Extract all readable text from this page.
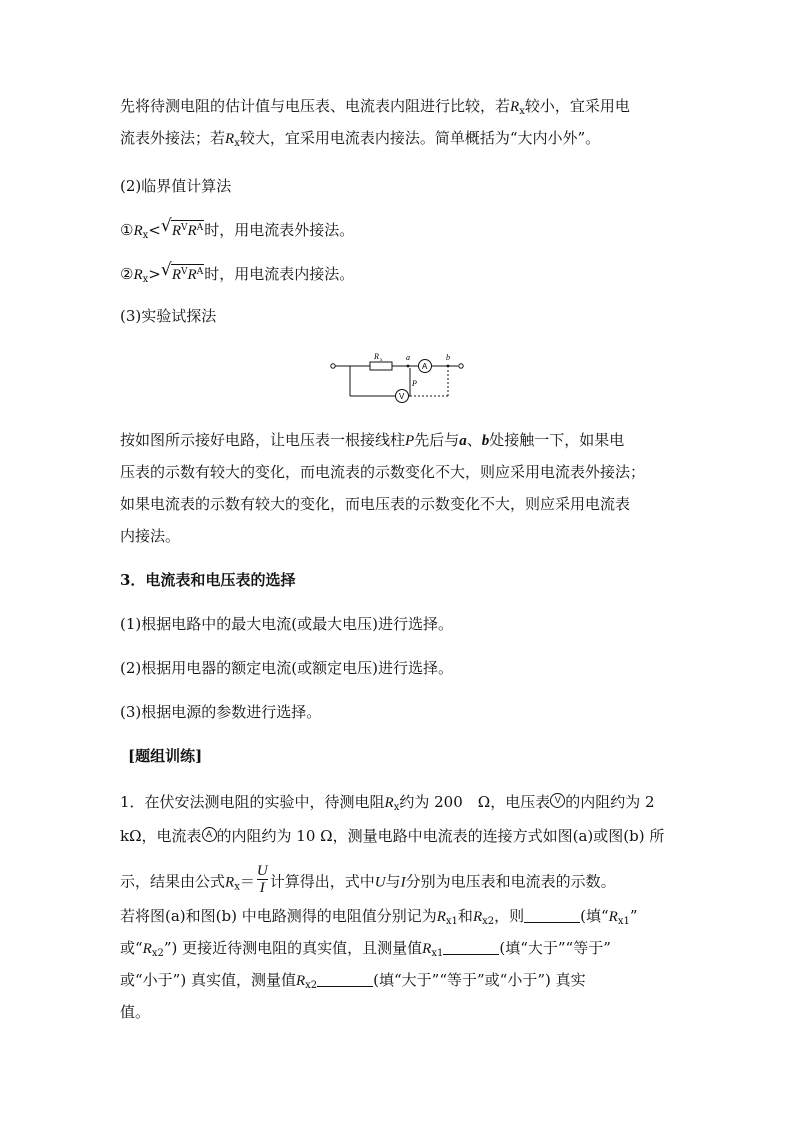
先将待测电阻的估计值与电压表、电流表内阻进行比较，若$R_x$较小，宜采用电
流表外接法；若$R_x$较大，宜采用电流表内接法。简单概括为“大内小外”。
(2)临界值计算法
$①R_x<$ √ $R^VR^A$时，用电流表外接法。
$②R_x>$ √ $R^VR^A$时，用电流表内接法。
(3)实验试探法
R x	a
A
b
V
P
按如图所示接好电路，让电压表一根接线柱P先后与a、b处接触一下，如果电
压表的示数有较大的变化，而电流表的示数变化不大，则应采用电流表外接法；
如果电流表的示数有较大的变化，而电压表的示数变化不大，则应采用电流表
内接法。
3．电流表和电压表的选择
(1)根据电路中的最大电流(或最大电压)进行选择。
(2)根据用电器的额定电流(或额定电压)进行选择。
(3)根据电源的参数进行选择。
[题组训练]
1．在伏安法测电阻的实验中，待测电阻$R_x$约为 200　Ω，电压表 V 的内阻约为 2
kΩ，电流表 A 的内阻约为 10 Ω，测量电路中电流表的连接方式如图(a)或图(b) 所
示，结果由公式$R_x= \frac{U}{I}$ 计算得出，式中U与I分别为电压表和电流表的示数。
若将图(a)和图(b) 中电路测得的电阻值分别记为$R_{x1}$和$R_{x2}$，则	(填“$R_{x1}$”
或“$R_{x2}$”) 更接近待测电阻的真实值，且测量值$R_{x1}$	(填“大于”“等于”
或“小于”) 真实值，测量值$R_{x2}$	(填“大于”“等于”或“小于”) 真实
值。
